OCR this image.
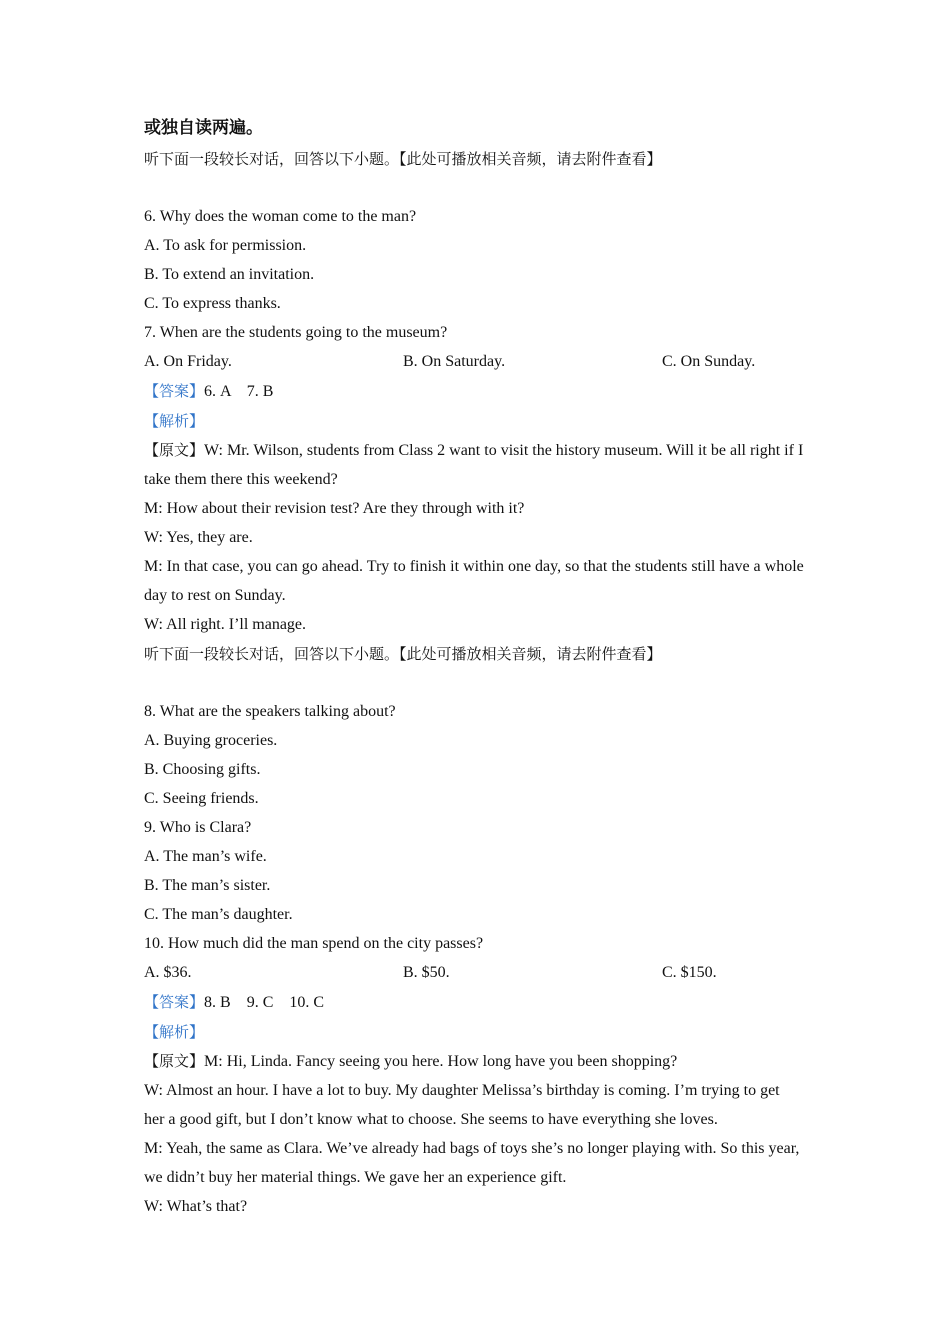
或独自读两遍。
听下面一段较长对话，回答以下小题。【此处可播放相关音频，请去附件查看】
6. Why does the woman come to the man?
A. To ask for permission.
B. To extend an invitation.
C. To express thanks.
7. When are the students going to the museum?
A. On Friday.	B. On Saturday.	C. On Sunday.
【答案】6. A    7. B
【解析】
【原文】W: Mr. Wilson, students from Class 2 want to visit the history museum. Will it be all right if I take them there this weekend?
M: How about their revision test? Are they through with it?
W: Yes, they are.
M: In that case, you can go ahead. Try to finish it within one day, so that the students still have a whole day to rest on Sunday.
W: All right. I’ll manage.
听下面一段较长对话，回答以下小题。【此处可播放相关音频，请去附件查看】
8. What are the speakers talking about?
A. Buying groceries.
B. Choosing gifts.
C. Seeing friends.
9. Who is Clara?
A. The man’s wife.
B. The man’s sister.
C. The man’s daughter.
10. How much did the man spend on the city passes?
A. $36.	B. $50.	C. $150.
【答案】8. B    9. C    10. C
【解析】
【原文】M: Hi, Linda. Fancy seeing you here. How long have you been shopping?
W: Almost an hour. I have a lot to buy. My daughter Melissa’s birthday is coming. I’m trying to get her a good gift, but I don’t know what to choose. She seems to have everything she loves.
M: Yeah, the same as Clara. We’ve already had bags of toys she’s no longer playing with. So this year, we didn’t buy her material things. We gave her an experience gift.
W: What’s that?
